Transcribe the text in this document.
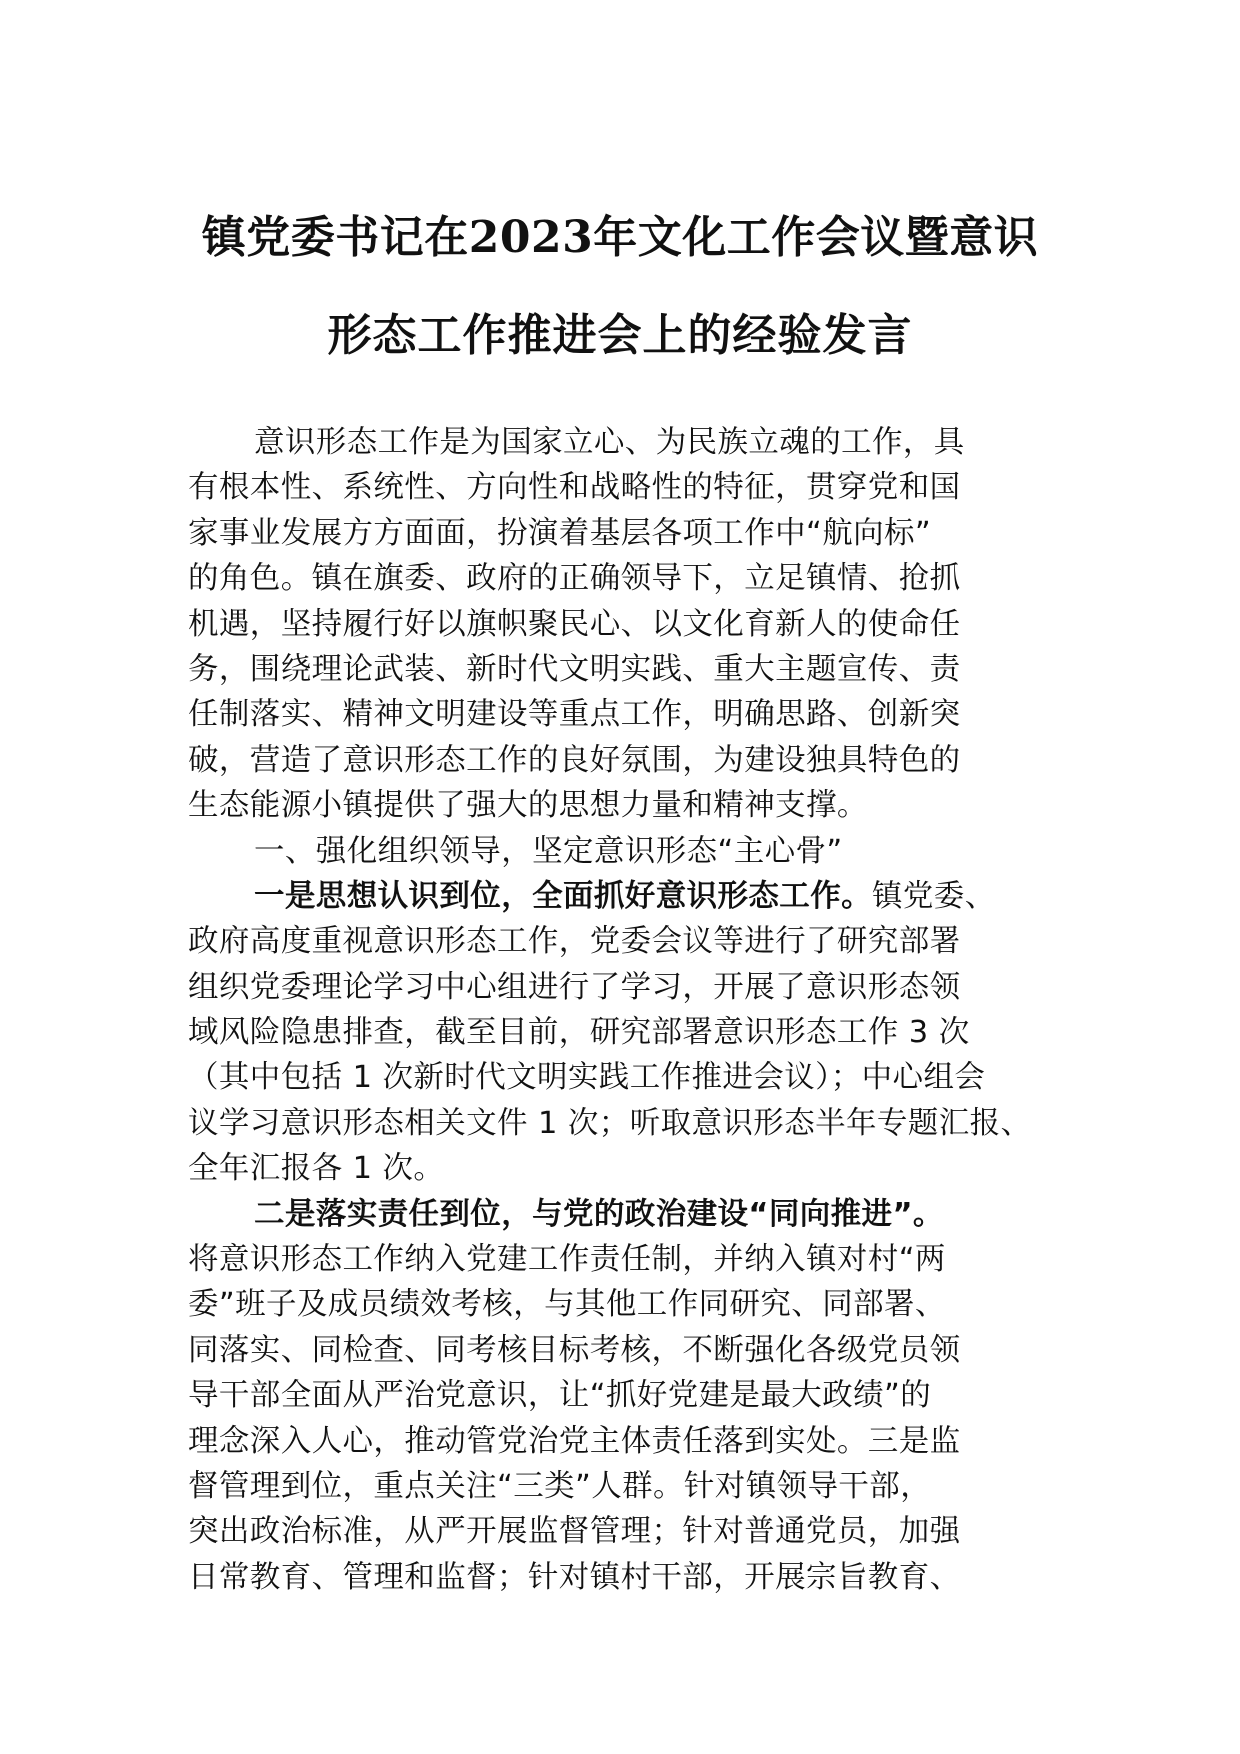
镇党委书记在2023年文化工作会议暨意识
形态工作推进会上的经验发言
意识形态工作是为国家立心、为民族立魂的工作，具
有根本性、系统性、方向性和战略性的特征，贯穿党和国
家事业发展方方面面，扮演着基层各项工作中“航向标”
的角色。镇在旗委、政府的正确领导下，立足镇情、抢抓
机遇，坚持履行好以旗帜聚民心、以文化育新人的使命任
务，围绕理论武装、新时代文明实践、重大主题宣传、责
任制落实、精神文明建设等重点工作，明确思路、创新突
破，营造了意识形态工作的良好氛围，为建设独具特色的
生态能源小镇提供了强大的思想力量和精神支撑。
一、强化组织领导，坚定意识形态“主心骨”
一是思想认识到位，全面抓好意识形态工作。镇党委、
政府高度重视意识形态工作，党委会议等进行了研究部署
组织党委理论学习中心组进行了学习，开展了意识形态领
域风险隐患排查，截至目前，研究部署意识形态工作 3 次
（其中包括 1 次新时代文明实践工作推进会议）；中心组会
议学习意识形态相关文件 1 次；听取意识形态半年专题汇报、
全年汇报各 1 次。
二是落实责任到位，与党的政治建设“同向推进”。
将意识形态工作纳入党建工作责任制，并纳入镇对村“两
委”班子及成员绩效考核，与其他工作同研究、同部署、
同落实、同检查、同考核目标考核，不断强化各级党员领
导干部全面从严治党意识，让“抓好党建是最大政绩”的
理念深入人心，推动管党治党主体责任落到实处。三是监
督管理到位，重点关注“三类”人群。针对镇领导干部，
突出政治标准，从严开展监督管理；针对普通党员，加强
日常教育、管理和监督；针对镇村干部，开展宗旨教育、
